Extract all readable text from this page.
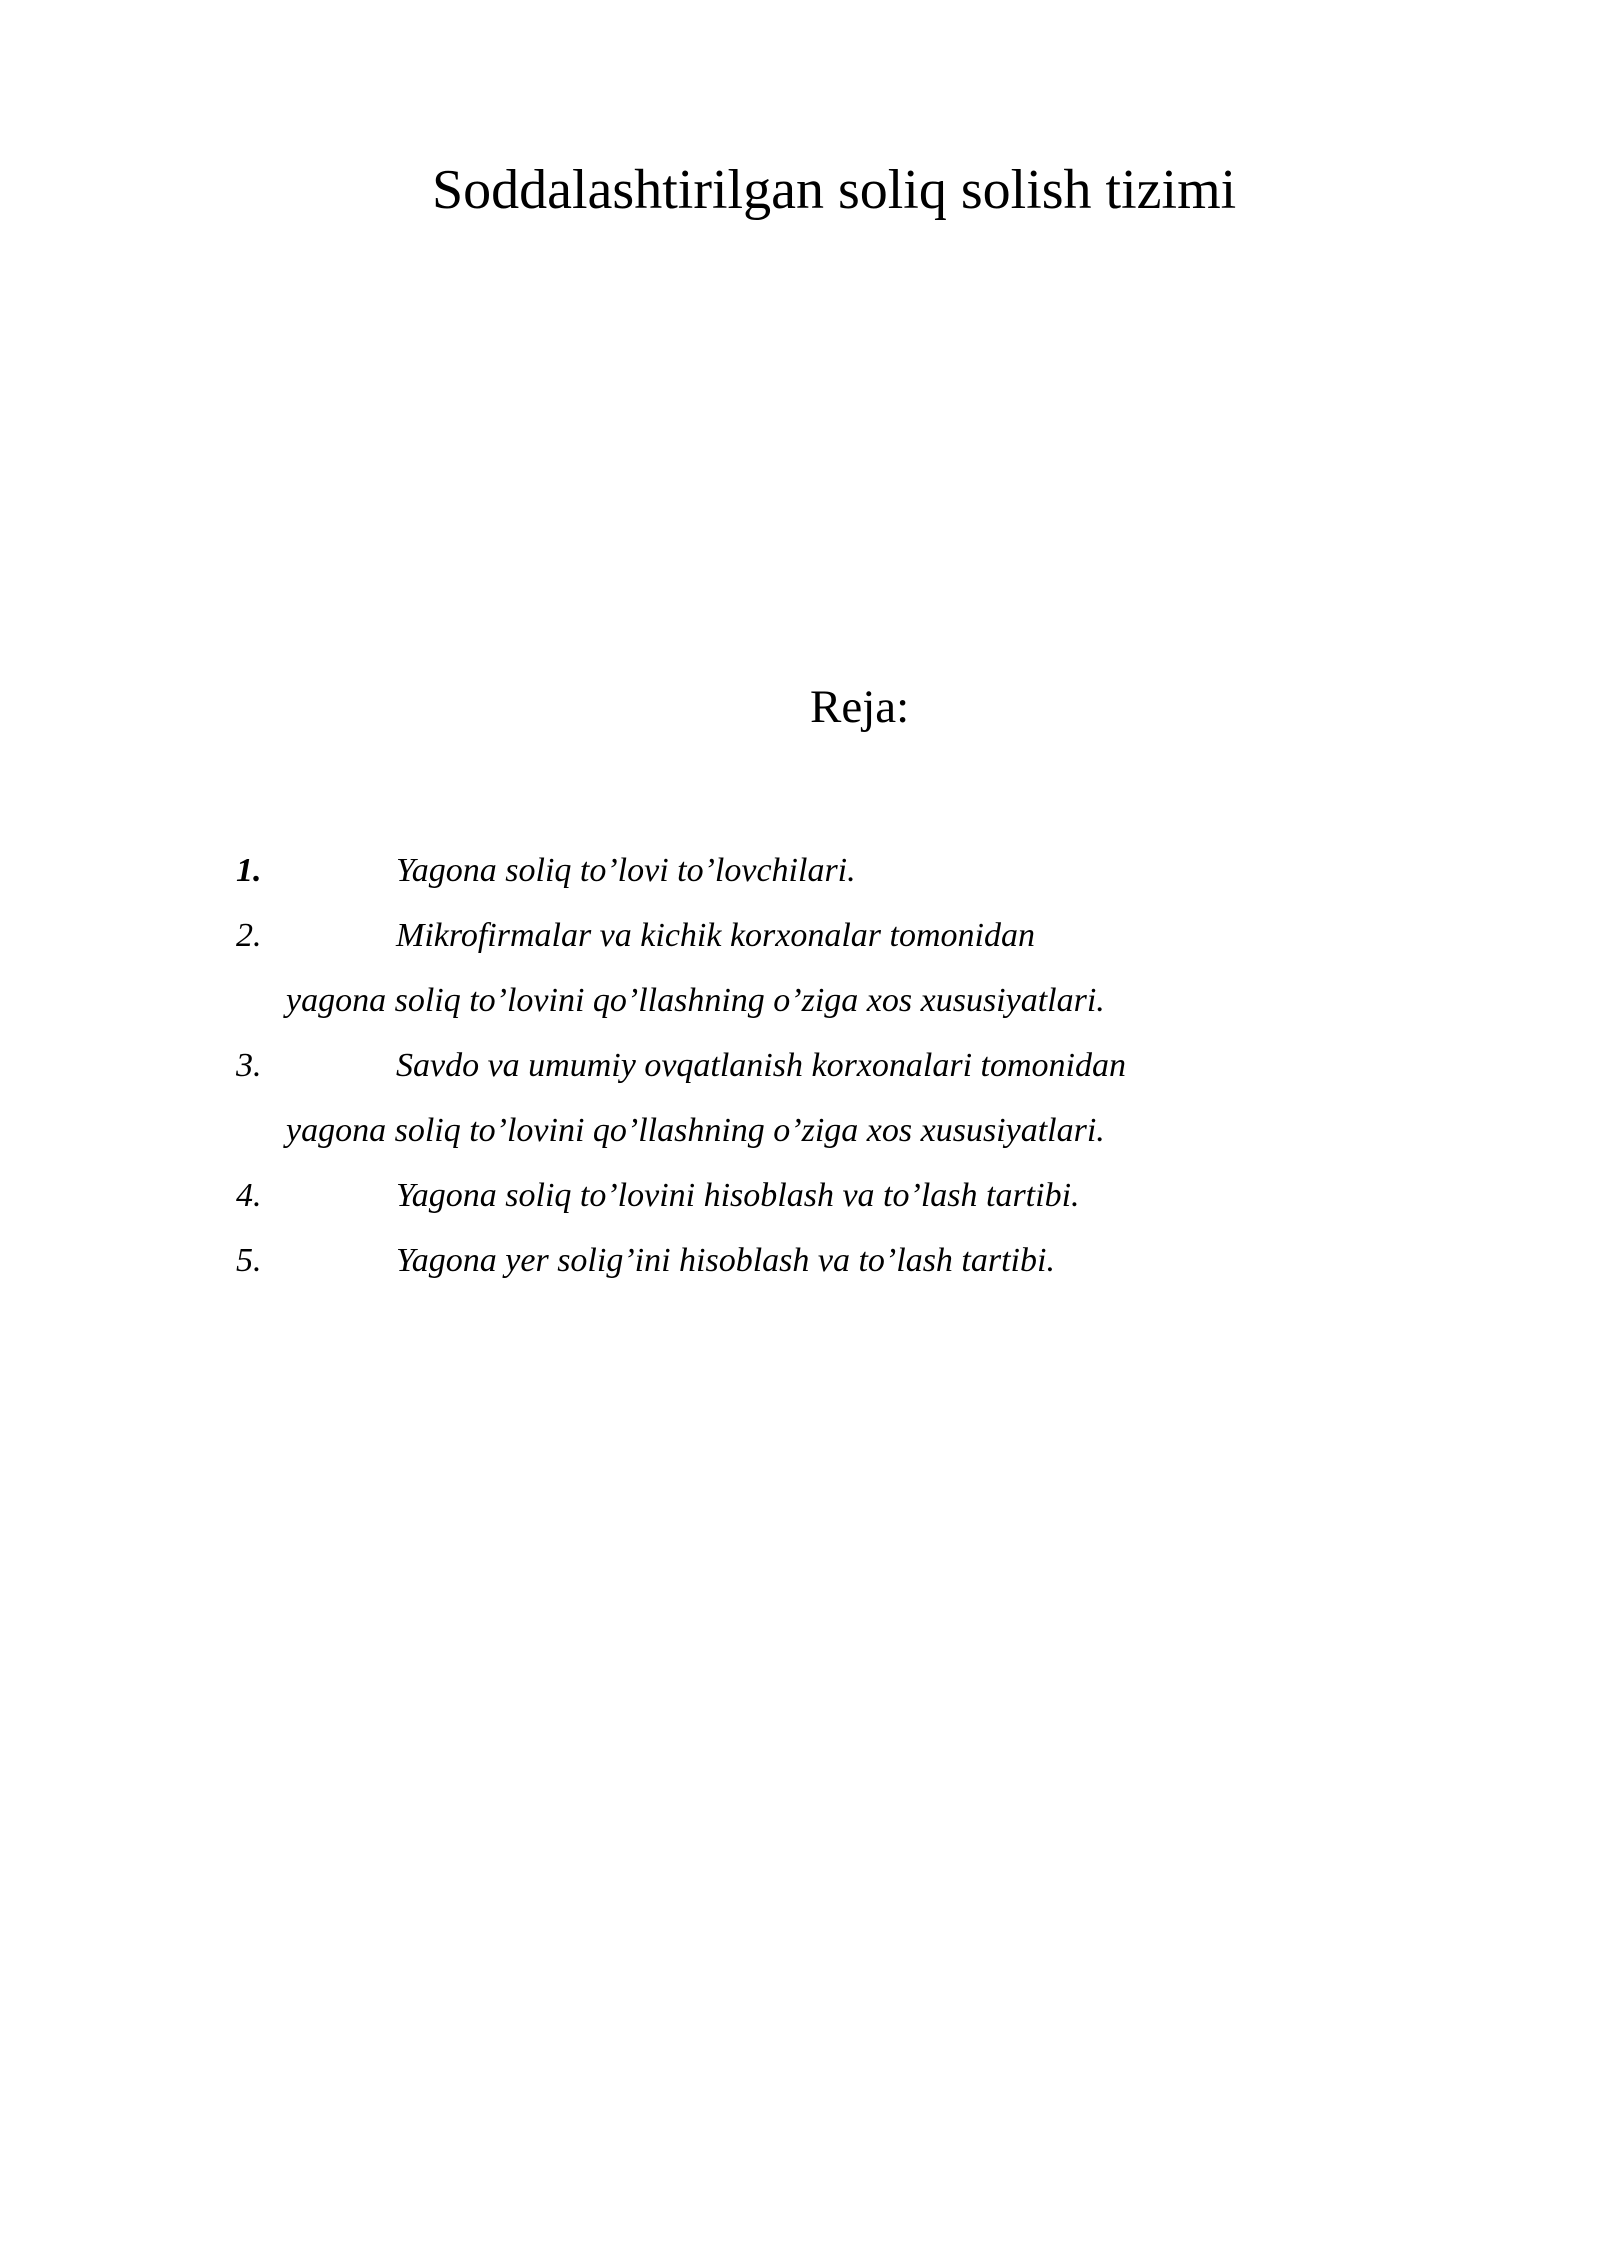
Soddalashtirilgan soliq solish tizimi
Reja:
1.	Yagona soliq to’lovi to’lovchilari.
2.	Mikrofirmalar va kichik korxonalar tomonidan
yagona soliq to’lovini qo’llashning o’ziga xos xususiyatlari.
3.	Savdo va umumiy ovqatlanish korxonalari tomonidan
yagona soliq to’lovini qo’llashning o’ziga xos xususiyatlari.
4.	Yagona soliq to’lovini hisoblash va to’lash tartibi.
5.	Yagona yer solig’ini hisoblash va to’lash tartibi.
